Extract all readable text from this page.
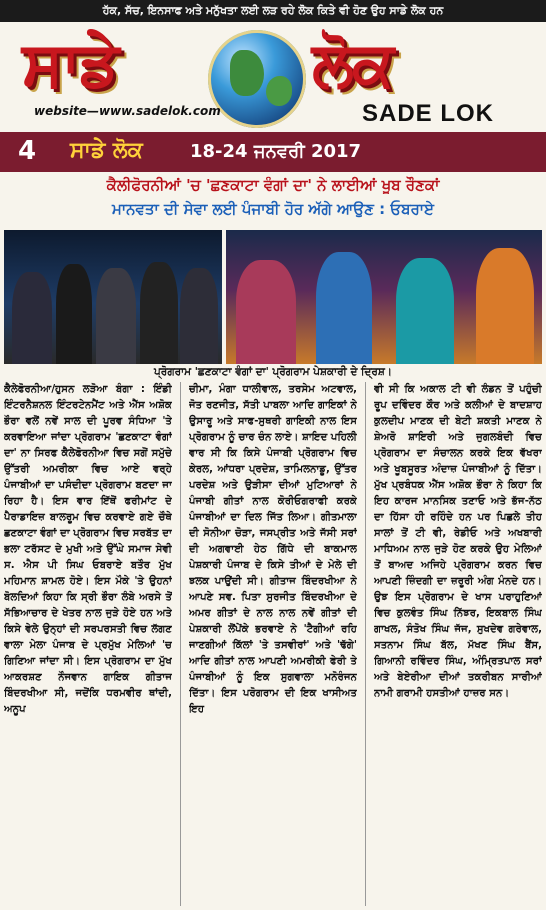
ਹੱਕ, ਸੱਚ, ਇਨਸਾਫ ਅਤੇ ਮਨੁੱਖਤਾ ਲਈ ਲੜ ਰਹੇ ਲੋਕ ਕਿਤੇ ਵੀ ਹੋਣ ਉਹ ਸਾਡੇ ਲੋਕ ਹਨ
ਸਾਡੇ	ਲੋਕ
website—www.sadelok.com	SADE LOK
4 ਸਾਡੇ ਲੋਕ	18-24 ਜਨਵਰੀ 2017
ਕੈਲੀਫੋਰਨੀਆਂ 'ਚ 'ਛਣਕਾਟਾ ਵੰਗਾਂ ਦਾ' ਨੇ ਲਾਈਆਂ ਖੂਬ ਰੌਣਕਾਂ
ਮਾਨਵਤਾ ਦੀ ਸੇਵਾ ਲਈ ਪੰਜਾਬੀ ਹੋਰ ਅੱਗੇ ਆਉਣ : ਓਬਰਾਏ
ਪ੍ਰੋਗਰਾਮ 'ਛਣਕਾਟਾ ਵੰਗਾਂ ਦਾ' ਪ੍ਰੋਗਰਾਮ ਪੇਸ਼ਕਾਰੀ ਦੇ ਦ੍ਰਿਸ਼।
ਕੈਲੇਫੋਰਨੀਆ/ਹੁਸਨ ਲੜੋਆ ਬੰਗਾ : ਇੰਡੀ ਇੰਟਰਨੈਸ਼ਨਲ ਇੰਟਰਟੇਨਮੈਂਟ ਅਤੇ ਐੱਸ ਅਸ਼ੋਕ ਭੌਰਾ ਵਲੋਂ ਨਵੇਂ ਸਾਲ ਦੀ ਪੂਰਵ ਸੰਧਿਆ 'ਤੇ ਕਰਵਾਇਆ ਜਾਂਦਾ ਪ੍ਰੋਗਰਾਮ 'ਛਣਕਾਟਾ ਵੰਗਾਂ ਦਾ' ਨਾ ਸਿਰਫ ਕੈਲੇਫੋਰਨੀਆ ਵਿਚ ਸਗੋਂ ਸਮੁੱਚੇ ਉੱਤਰੀ ਅਮਰੀਕਾ ਵਿਚ ਆਏ ਵਰ੍ਹੇ ਪੰਜਾਬੀਆਂ ਦਾ ਪਸੰਦੀਦਾ ਪ੍ਰੋਗਰਾਮ ਬਣਦਾ ਜਾ ਰਿਹਾ ਹੈ। ਇਸ ਵਾਰ ਇੱਥੋਂ ਫਰੀਮਾਂਟ ਦੇ ਪੈਰਾਡਾਇਜ਼ ਬਾਲਰੂਮ ਵਿਚ ਕਰਵਾਏ ਗਏ ਚੌਥੇ ਛਣਕਾਟਾ ਵੰਗਾਂ ਦਾ ਪ੍ਰੋਗਰਾਮ ਵਿਚ ਸਰਬੱਤ ਦਾ ਭਲਾ ਟਰੱਸਟ ਦੇ ਮੁਖੀ ਅਤੇ ਉੱਘੇ ਸਮਾਜ ਸੇਵੀ ਸ. ਐਸ ਪੀ ਸਿਘ ਓਬਰਾਏ ਬਤੌਰ ਮੁੱਖ ਮਹਿਮਾਨ ਸ਼ਾਮਲ ਹੋਏ। ਇਸ ਮੌਕੇ 'ਤੇ ਉਹਨਾਂ ਬੋਲਦਿਆਂ ਕਿਹਾ ਕਿ ਸ੍ਰੀ ਭੌਰਾ ਲੰਬੇ ਅਰਸੇ ਤੋਂ ਸੱਭਿਆਚਾਰ ਦੇ ਖੇਤਰ ਨਾਲ ਜੁੜੇ ਹੋਏ ਹਨ ਅਤੇ ਕਿਸੇ ਵੇਲੇ ਉਨ੍ਹਾਂ ਦੀ ਸਰਪਰਸਤੀ ਵਿਚ ਲੱਗਣ ਵਾਲਾ ਮੇਲਾ ਪੰਜਾਬ ਦੇ ਪ੍ਰਮੁੱਖ ਮੇਲਿਆਂ 'ਚ ਗਿਣਿਆ ਜਾਂਦਾ ਸੀ। ਇਸ ਪ੍ਰੋਗਰਾਮ ਦਾ ਮੁੱਖ ਆਕਰਸ਼ਣ ਨੌਜਵਾਨ ਗਾਇਕ ਗੀਤਾਜ ਬਿੰਦਰਖੀਆ ਸੀ, ਜਦੋਂਕਿ ਧਰਮਵੀਰ ਥਾਂਦੀ, ਅਨੂਪ
ਚੀਮਾ, ਮੰਗਾ ਧਾਲੀਵਾਲ, ਤਰਸੇਮ ਅਟਵਾਲ, ਜੋਤ ਰਣਜੀਤ, ਸੱਤੀ ਪਾਬਲਾ ਆਦਿ ਗਾਇਕਾਂ ਨੇ ਉਸਾਰੂ ਅਤੇ ਸਾਫ-ਸੁਥਰੀ ਗਾਇਕੀ ਨਾਲ ਇਸ ਪ੍ਰੋਗਰਾਮ ਨੂੰ ਚਾਰ ਚੰਨ ਲਾਏ। ਸ਼ਾਇਦ ਪਹਿਲੀ ਵਾਰ ਸੀ ਕਿ ਕਿਸੇ ਪੰਜਾਬੀ ਪ੍ਰੋਗਰਾਮ ਵਿਚ ਕੇਰਲ, ਆਂਧਰਾ ਪ੍ਰਦੇਸ਼, ਤਾਮਿਲਨਾਡੂ, ਉੱਤਰ ਪਰਦੇਸ਼ ਅਤੇ ਉੜੀਸਾ ਦੀਆਂ ਮੁਟਿਆਰਾਂ ਨੇ ਪੰਜਾਬੀ ਗੀਤਾਂ ਨਾਲ ਕੋਰੀਓਗਰਾਫੀ ਕਰਕੇ ਪੰਜਾਬੀਆਂ ਦਾ ਦਿਲ ਜਿੱਤ ਲਿਆ। ਗੀਤਮਾਲਾ ਦੀ ਸੋਨੀਆ ਚੋੜਾ, ਜਸਪ੍ਰੀਤ ਅਤੇ ਜੱਸੀ ਸਰਾਂ ਦੀ ਅਗਵਾਈ ਹੇਠ ਗਿੱਧੇ ਦੀ ਬਾਕਮਾਲ ਪੇਸ਼ਕਾਰੀ ਪੰਜਾਬ ਦੇ ਕਿਸੇ ਤੀਆਂ ਦੇ ਮੇਲੇ ਦੀ ਝਲਕ ਪਾਉਂਦੀ ਸੀ। ਗੀਤਾਜ ਬਿੰਦਰਖੀਆ ਨੇ ਆਪਣੇ ਸਵ. ਪਿਤਾ ਸੁਰਜੀਤ ਬਿੰਦਰਖੀਆ ਦੇ ਅਮਰ ਗੀਤਾਂ ਦੇ ਨਾਲ ਨਾਲ ਨਵੇਂ ਗੀਤਾਂ ਦੀ ਪੇਸ਼ਕਾਰੀ ਲੋਂਪੇਂਕੇ ਭਰਵਾਏ ਨੇ 'ਟੈਗੀਆਂ ਰਹਿ ਜਾਣਗੀਆਂ ਕਿੱਲਾਂ 'ਤੇ ਤਸਵੀਰਾਂ' ਅਤੇ 'ਢੱਗੇ' ਆਦਿ ਗੀਤਾਂ ਨਾਲ ਆਪਣੀ ਅਮਰੀਕੀ ਫੇਰੀ ਤੇ ਪੰਜਾਬੀਆਂ ਨੂੰ ਇਕ ਸੁਗਵਾਲਾ ਮਨੋਰੰਜਨ ਦਿੱਤਾ। ਇਸ ਪਰੋਗਰਾਮ ਦੀ ਇਕ ਖਾਸੀਅਤ ਇਹ
ਵੀ ਸੀ ਕਿ ਅਕਾਲ ਟੀ ਵੀ ਲੰਡਨ ਤੋਂ ਪਹੁੰਚੀ ਰੂਪ ਦਵਿੰਦਰ ਕੌਰ ਅਤੇ ਕਲੀਆਂ ਦੇ ਬਾਦਸ਼ਾਹ ਕੁਲਦੀਪ ਮਾਣਕ ਦੀ ਬੇਟੀ ਸ਼ਕਤੀ ਮਾਣਕ ਨੇ ਸ਼ੇਅਰੋ ਸ਼ਾਇਰੀ ਅਤੇ ਜੁਗਲਬੰਦੀ ਵਿਚ ਪ੍ਰੋਗਰਾਮ ਦਾ ਸੰਚਾਲਨ ਕਰਕੇ ਇਕ ਵੱਖਰਾ ਅਤੇ ਖੂਬਸੂਰਤ ਅੰਦਾਜ਼ ਪੰਜਾਬੀਆਂ ਨੂੰ ਦਿੱਤਾ। ਮੁੱਖ ਪ੍ਰਬੰਧਕ ਐੱਸ ਅਸ਼ੋਕ ਭੌਰਾ ਨੇ ਕਿਹਾ ਕਿ ਇਹ ਕਾਰਜ ਮਾਨਸਿਕ ਤਣਾਓ ਅਤੇ ਭੱਜ-ਨੱਠ ਦਾ ਹਿੱਸਾ ਹੀ ਰਹਿੰਦੇ ਹਨ ਪਰ ਪਿਛਲੇ ਤੀਹ ਸਾਲਾਂ ਤੋਂ ਟੀ ਵੀ, ਰੇਡੀਓ ਅਤੇ ਅਖਬਾਰੀ ਮਾਧਿਅਮ ਨਾਲ ਜੁੜੇ ਹੋਣ ਕਰਕੇ ਉਹ ਮੇਲਿਆਂ ਤੋਂ ਬਾਅਦ ਅਜਿਹੇ ਪ੍ਰੋਗਰਾਮ ਕਰਨ ਵਿਚ ਆਪਣੀ ਜ਼ਿੰਦਗੀ ਦਾ ਜ਼ਰੂਰੀ ਅੰਗ ਮੰਨਦੇ ਹਨ। ਉਝ ਇਸ ਪ੍ਰੋਗਰਾਮ ਦੇ ਖਾਸ ਪਰਾਹੁਣਿਆਂ ਵਿਚ ਕੁਲਵੰਤ ਸਿੰਘ ਨਿੱਝਰ, ਇਕਬਾਲ ਸਿੰਘ ਗਾਖਲ, ਸੰਤੋਖ ਸਿੰਘ ਜੱਜ, ਸੁਖਦੇਵ ਗਰੇਵਾਲ, ਸਤਨਾਮ ਸਿੰਘ ਬੱਲ, ਮੱਖਣ ਸਿੰਘ ਬੈਂਸ, ਗਿਆਨੀ ਰਵਿੰਦਰ ਸਿੰਘ, ਅੰਮ੍ਰਿਤਪਾਲ ਸਰਾਂ ਅਤੇ ਬੇਏਰੀਆ ਦੀਆਂ ਤਕਰੀਬਨ ਸਾਰੀਆਂ ਨਾਮੀ ਗਰਾਮੀ ਹਸਤੀਆਂ ਹਾਜ਼ਰ ਸਨ।
